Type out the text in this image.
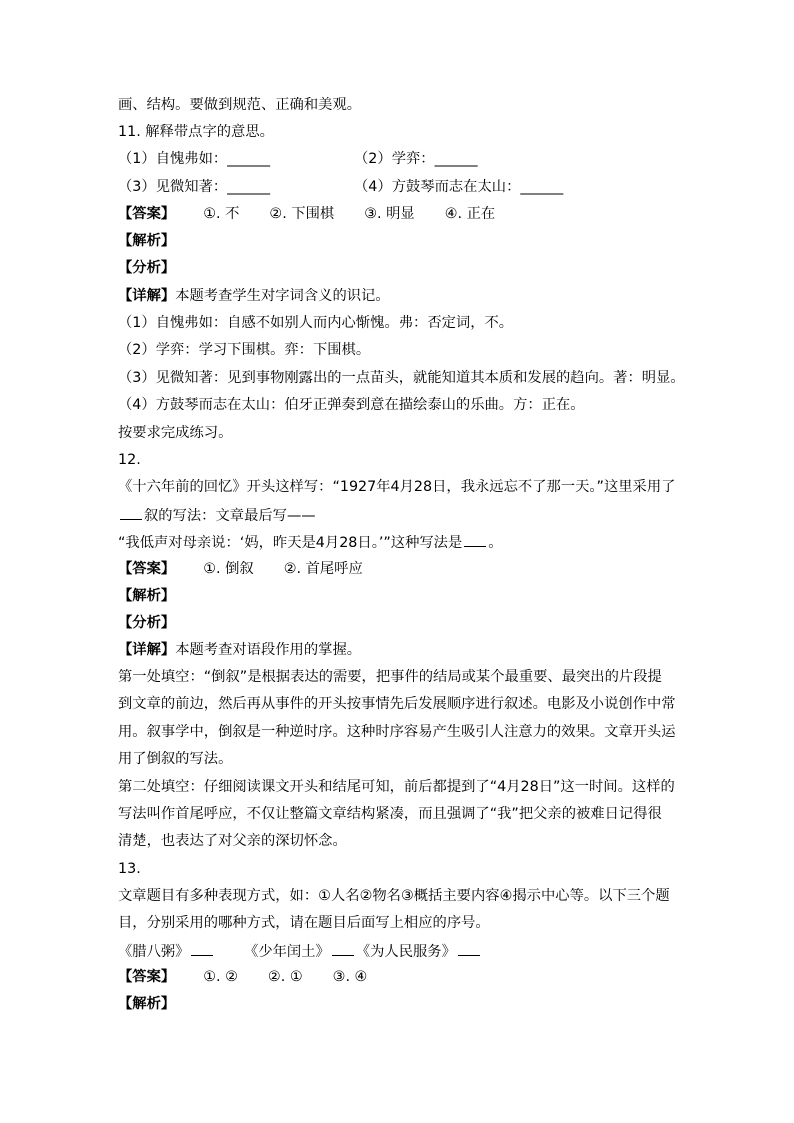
画、结构。要做到规范、正确和美观。
11. 解释带点字的意思。
（1）自愧弗如：______	（2）学弈：______
（3）见微知著：______	（4）方鼓琴而志在太山：______
【答案】 ①. 不 ②. 下围棋 ③. 明显 ④. 正在
【解析】
【分析】
【详解】本题考查学生对字词含义的识记。
（1）自愧弗如：自感不如别人而内心惭愧。弗：否定词，不。
（2）学弈：学习下围棋。弈：下围棋。
（3）见微知著：见到事物刚露出的一点苗头，就能知道其本质和发展的趋向。著：明显。
（4）方鼓琴而志在太山：伯牙正弹奏到意在描绘泰山的乐曲。方：正在。
按要求完成练习。
12.
《十六年前的回忆》开头这样写：“1927年4月28日，我永远忘不了那一天。”这里采用了
叙的写法：文章最后写——
“我低声对母亲说：‘妈，昨天是4月28日。’”这种写法是 。
【答案】 ①. 倒叙 ②. 首尾呼应
【解析】
【分析】
【详解】本题考查对语段作用的掌握。
第一处填空：“倒叙”是根据表达的需要，把事件的结局或某个最重要、最突出的片段提
到文章的前边，然后再从事件的开头按事情先后发展顺序进行叙述。电影及小说创作中常
用。叙事学中，倒叙是一种逆时序。这种时序容易产生吸引人注意力的效果。文章开头运
用了倒叙的写法。
第二处填空：仔细阅读课文开头和结尾可知，前后都提到了“4月28日”这一时间。这样的
写法叫作首尾呼应，不仅让整篇文章结构紧凑，而且强调了“我”把父亲的被难日记得很
清楚，也表达了对父亲的深切怀念。
13.
文章题目有多种表现方式，如：①人名②物名③概括主要内容④揭示中心等。以下三个题
目，分别采用的哪种方式，请在题目后面写上相应的序号。
《腊八粥》	《少年闰土》 《为人民服务》
【答案】 ①. ② ②. ① ③. ④
【解析】
